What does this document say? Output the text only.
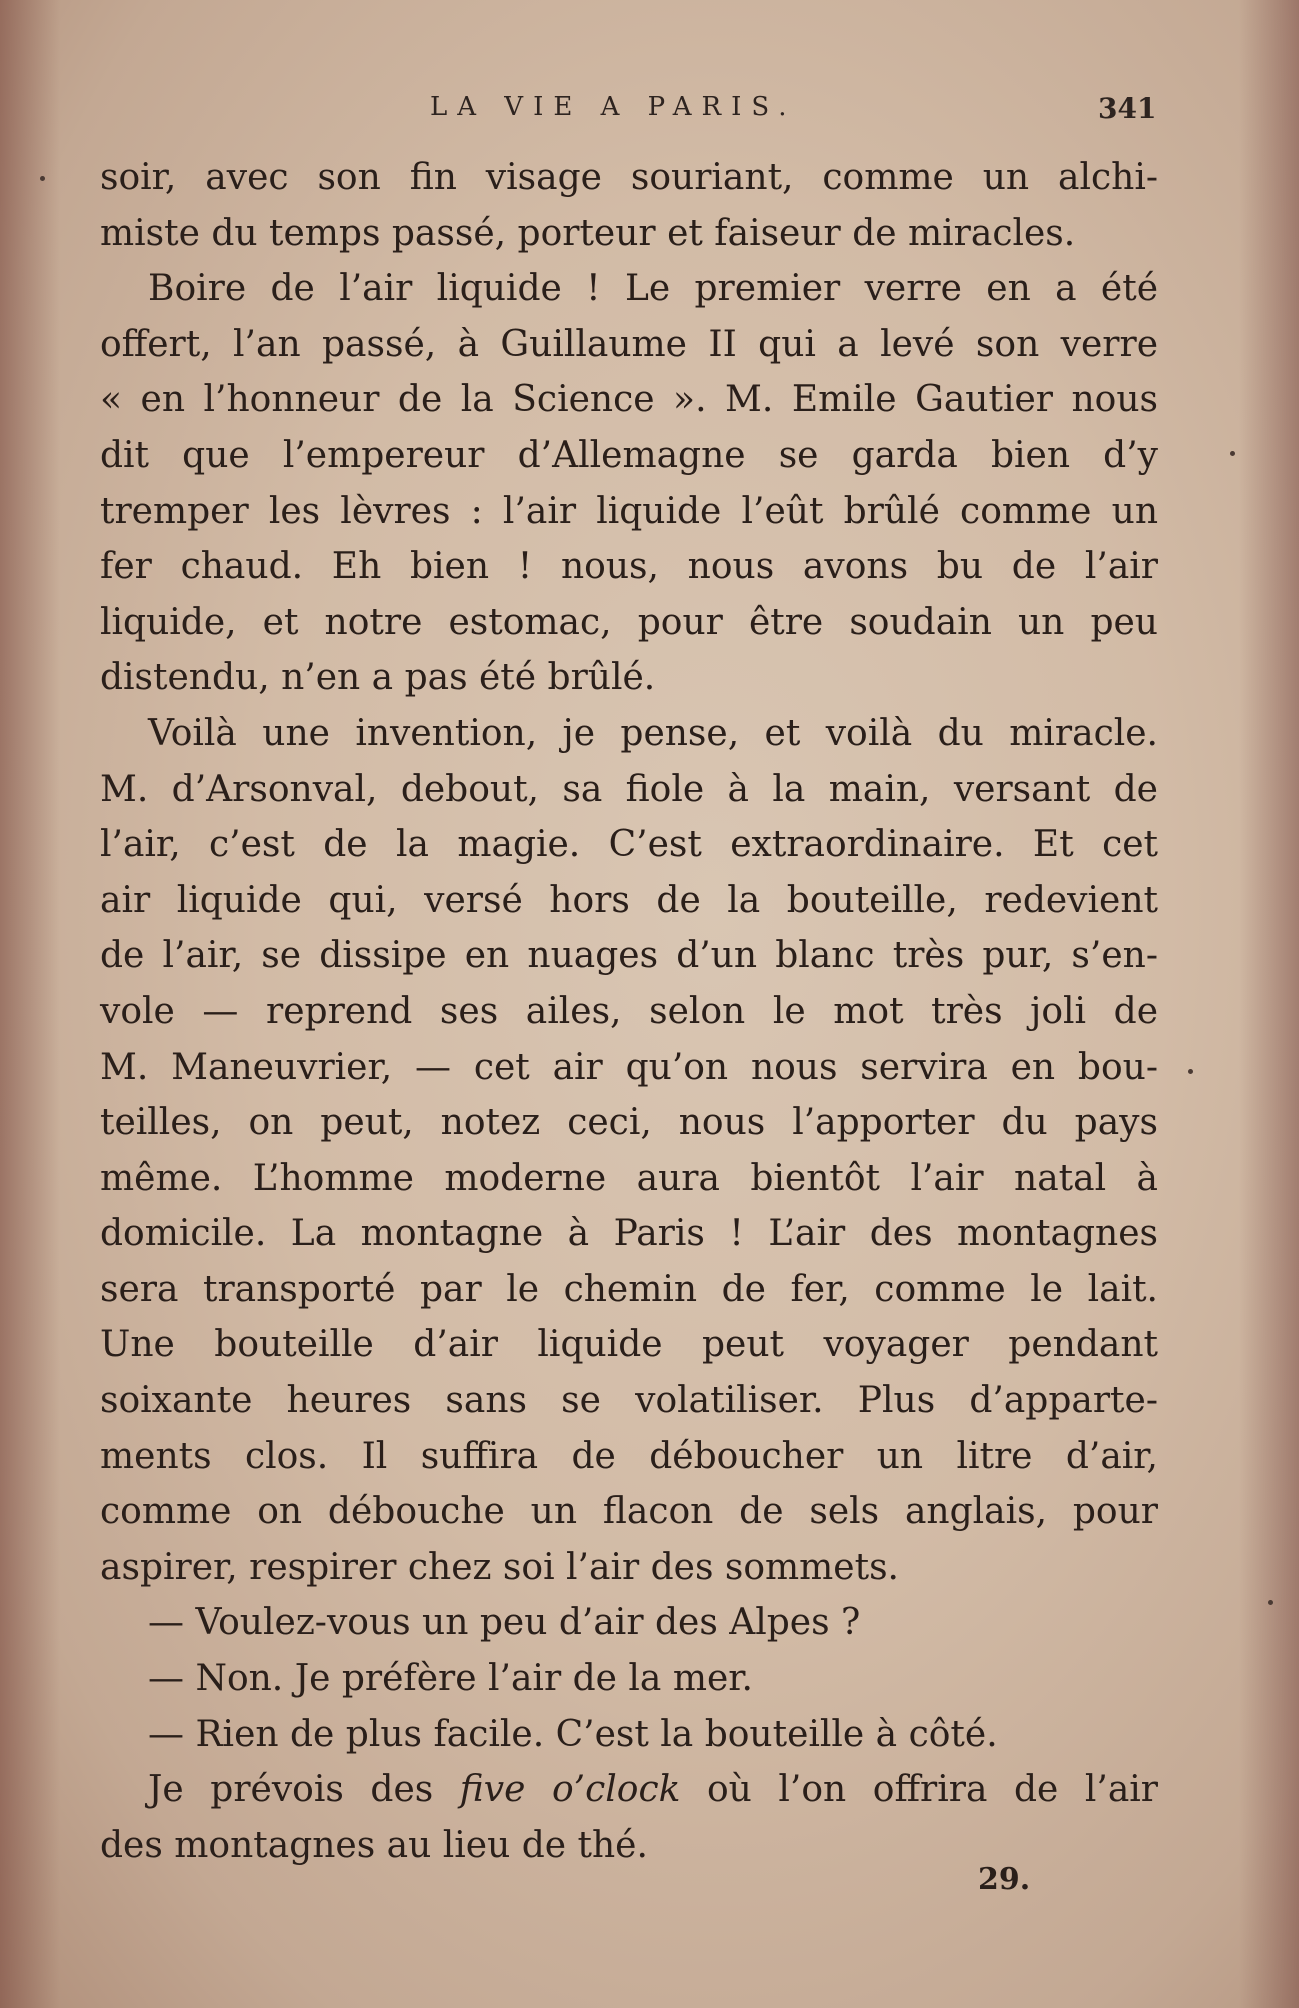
LA VIE A PARIS.	341
soir, avec son fin visage souriant, comme un alchi-
miste du temps passé, porteur et faiseur de miracles.
Boire de l’air liquide ! Le premier verre en a été
offert, l’an passé, à Guillaume II qui a levé son verre
« en l’honneur de la Science ». M. Emile Gautier nous
dit que l’empereur d’Allemagne se garda bien d’y
tremper les lèvres : l’air liquide l’eût brûlé comme un
fer chaud. Eh bien ! nous, nous avons bu de l’air
liquide, et notre estomac, pour être soudain un peu
distendu, n’en a pas été brûlé.
Voilà une invention, je pense, et voilà du miracle.
M. d’Arsonval, debout, sa fiole à la main, versant de
l’air, c’est de la magie. C’est extraordinaire. Et cet
air liquide qui, versé hors de la bouteille, redevient
de l’air, se dissipe en nuages d’un blanc très pur, s’en-
vole — reprend ses ailes, selon le mot très joli de
M. Maneuvrier, — cet air qu’on nous servira en bou-
teilles, on peut, notez ceci, nous l’apporter du pays
même. L’homme moderne aura bientôt l’air natal à
domicile. La montagne à Paris ! L’air des montagnes
sera transporté par le chemin de fer, comme le lait.
Une bouteille d’air liquide peut voyager pendant
soixante heures sans se volatiliser. Plus d’apparte-
ments clos. Il suffira de déboucher un litre d’air,
comme on débouche un flacon de sels anglais, pour
aspirer, respirer chez soi l’air des sommets.
— Voulez-vous un peu d’air des Alpes ?
— Non. Je préfère l’air de la mer.
— Rien de plus facile. C’est la bouteille à côté.
Je prévois des five o’clock où l’on offrira de l’air
des montagnes au lieu de thé.
29.
